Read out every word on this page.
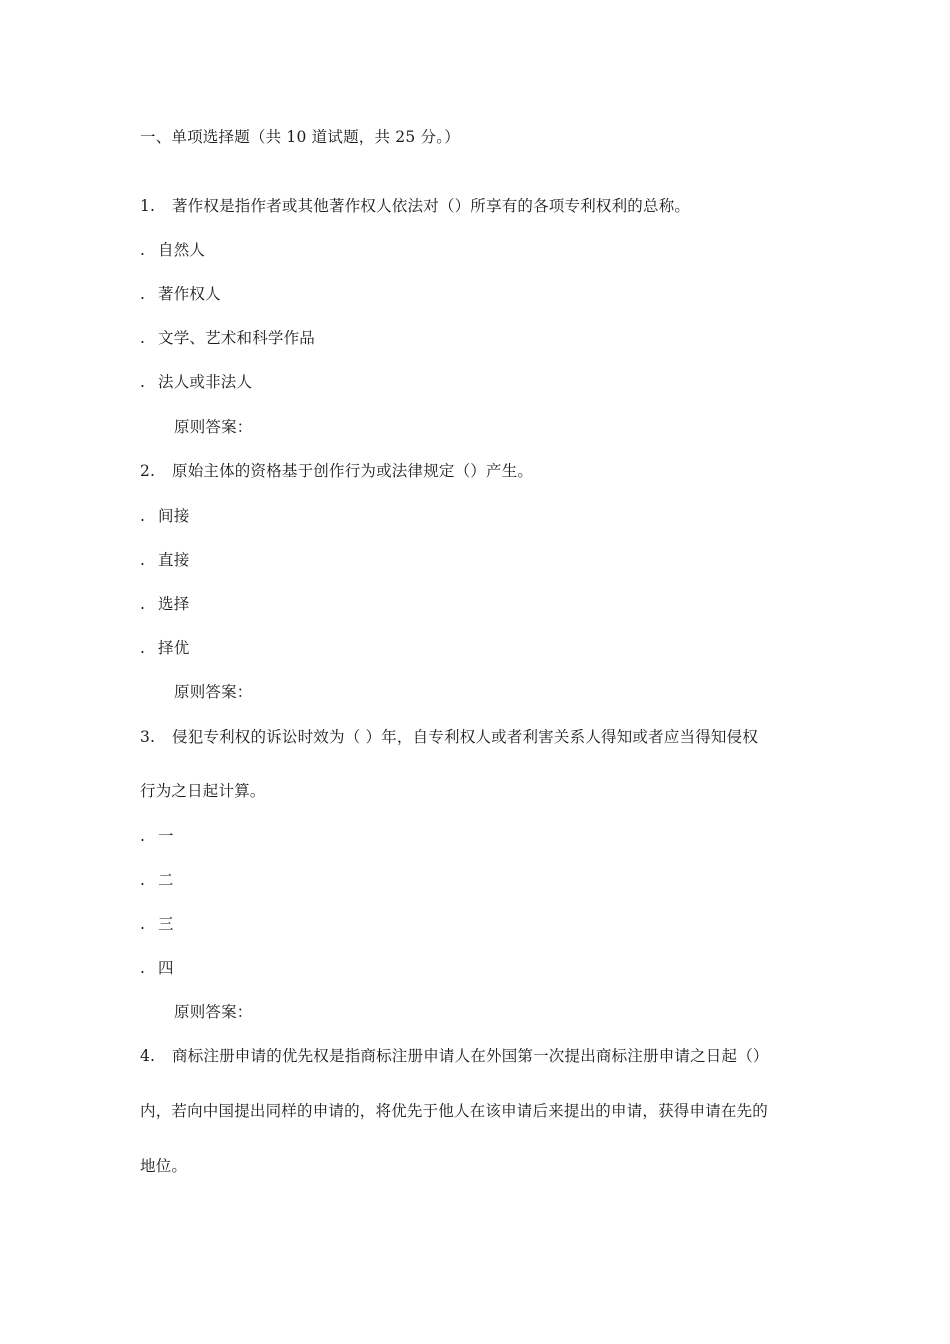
一、单项选择题（共 10 道试题，共 25 分。）
1. 著作权是指作者或其他著作权人依法对（）所享有的各项专利权利的总称。
. 自然人
. 著作权人
. 文学、艺术和科学作品
. 法人或非法人
原则答案：
2. 原始主体的资格基于创作行为或法律规定（）产生。
. 间接
. 直接
. 选择
. 择优
原则答案：
3. 侵犯专利权的诉讼时效为（ ）年，自专利权人或者利害关系人得知或者应当得知侵权
行为之日起计算。
. 一
. 二
. 三
. 四
原则答案：
4. 商标注册申请的优先权是指商标注册申请人在外国第一次提出商标注册申请之日起（）
内，若向中国提出同样的申请的，将优先于他人在该申请后来提出的申请，获得申请在先的
地位。
